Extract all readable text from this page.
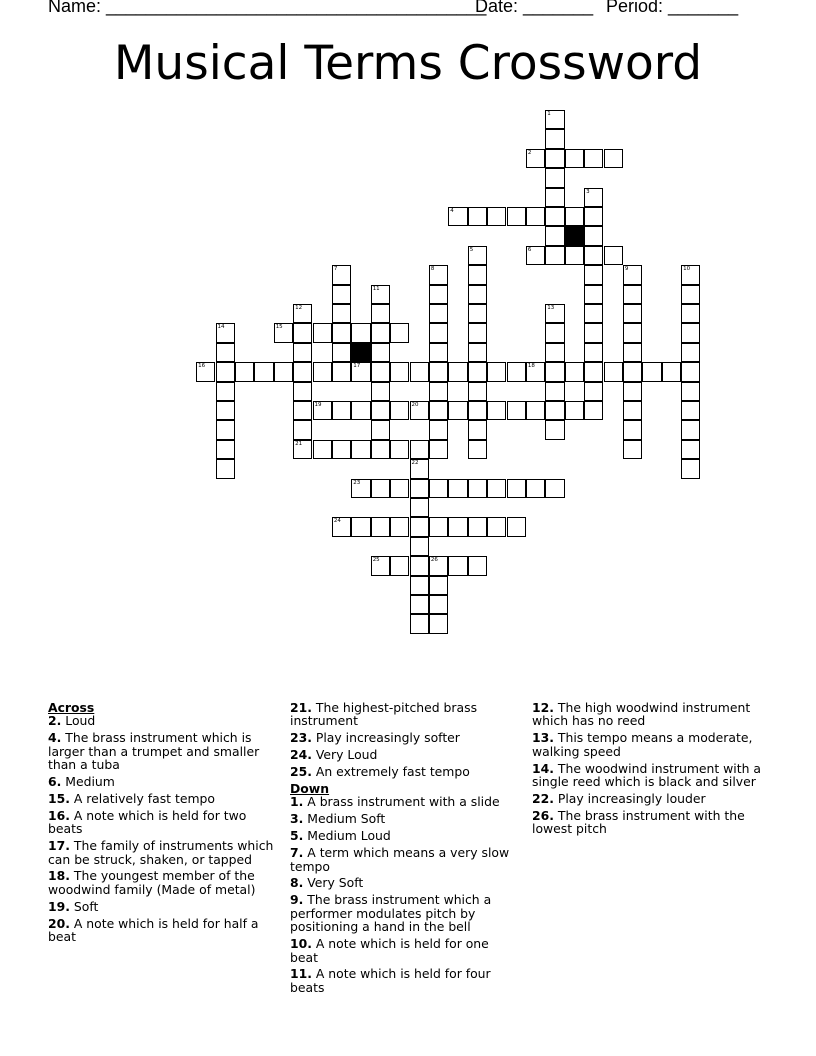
Name: ______________________________________
Date: _______ Period: _______
Musical Terms Crossword
1
2
3
4
5	6
7	8	9	10
11
12
21
13
14	15
16	17	18
19	20
22
23
24
25	26
Across
2. Loud
4. The brass instrument which is larger than a trumpet and smaller than a tuba
6. Medium
15. A relatively fast tempo
16. A note which is held for two beats
17. The family of instruments which can be struck, shaken, or tapped
18. The youngest member of the woodwind family (Made of metal)
19. Soft
20. A note which is held for half a beat
21. The highest-pitched brass instrument
23. Play increasingly softer
24. Very Loud
25. An extremely fast tempo
Down
1. A brass instrument with a slide
3. Medium Soft
5. Medium Loud
7. A term which means a very slow tempo
8. Very Soft
9. The brass instrument which a performer modulates pitch by positioning a hand in the bell
10. A note which is held for one beat
11. A note which is held for four beats
12. The high woodwind instrument which has no reed
13. This tempo means a moderate, walking speed
14. The woodwind instrument with a single reed which is black and silver
22. Play increasingly louder
26. The brass instrument with the lowest pitch
